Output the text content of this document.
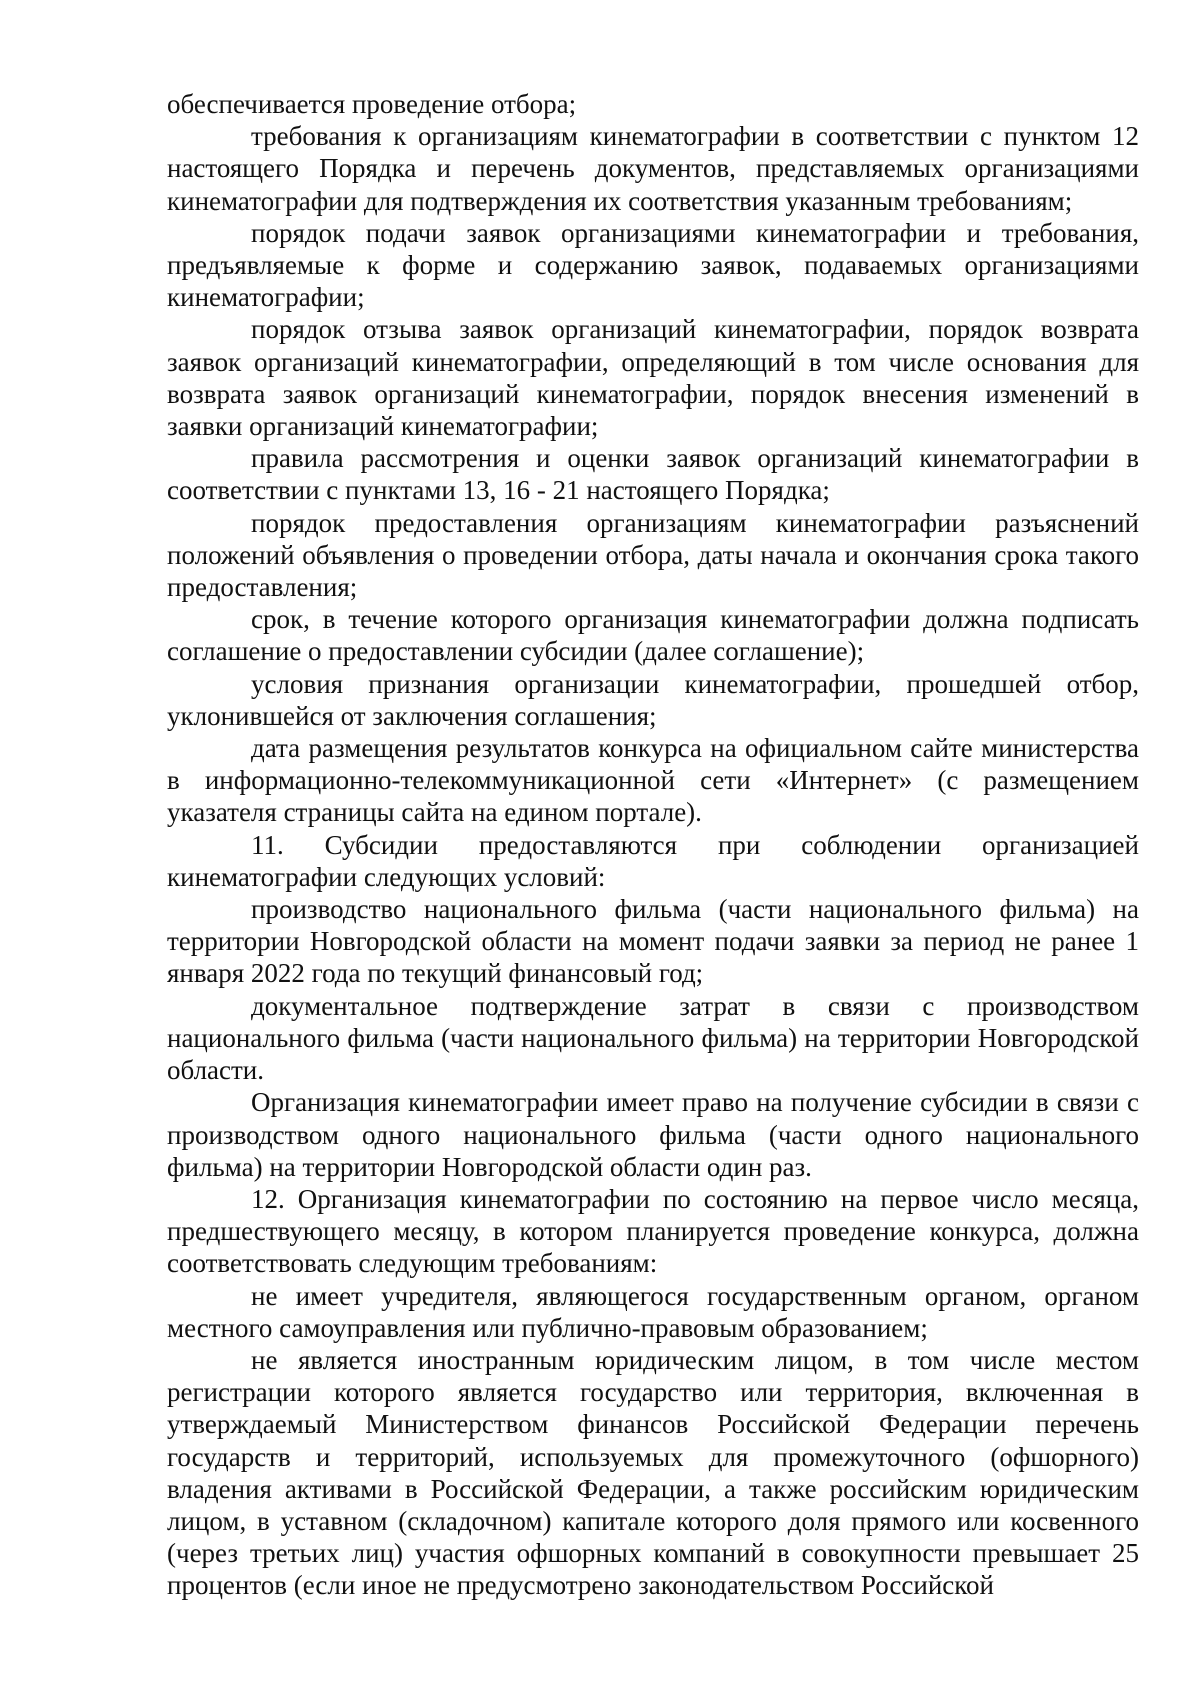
обеспечивается проведение отбора;

требования к организациям кинематографии в соответствии с пунктом 12 настоящего Порядка и перечень документов, представляемых организациями кинематографии для подтверждения их соответствия указанным требованиям;

порядок подачи заявок организациями кинематографии и требования, предъявляемые к форме и содержанию заявок, подаваемых организациями кинематографии;

порядок отзыва заявок организаций кинематографии, порядок возврата заявок организаций кинематографии, определяющий в том числе основания для возврата заявок организаций кинематографии, порядок внесения изменений в заявки организаций кинематографии;

правила рассмотрения и оценки заявок организаций кинематографии в соответствии с пунктами 13, 16 - 21 настоящего Порядка;

порядок предоставления организациям кинематографии разъяснений положений объявления о проведении отбора, даты начала и окончания срока такого предоставления;

срок, в течение которого организация кинематографии должна подписать соглашение о предоставлении субсидии (далее соглашение);

условия признания организации кинематографии, прошедшей отбор, уклонившейся от заключения соглашения;

дата размещения результатов конкурса на официальном сайте министерства в информационно-телекоммуникационной сети «Интернет» (с размещением указателя страницы сайта на едином портале).

11. Субсидии предоставляются при соблюдении организацией кинематографии следующих условий:

производство национального фильма (части национального фильма) на территории Новгородской области на момент подачи заявки за период не ранее 1 января 2022 года по текущий финансовый год;

документальное подтверждение затрат в связи с производством национального фильма (части национального фильма) на территории Новгородской области.

Организация кинематографии имеет право на получение субсидии в связи с производством одного национального фильма (части одного национального фильма) на территории Новгородской области один раз.

12. Организация кинематографии по состоянию на первое число месяца, предшествующего месяцу, в котором планируется проведение конкурса, должна соответствовать следующим требованиям:

не имеет учредителя, являющегося государственным органом, органом местного самоуправления или публично-правовым образованием;

не является иностранным юридическим лицом, в том числе местом регистрации которого является государство или территория, включенная в утверждаемый Министерством финансов Российской Федерации перечень государств и территорий, используемых для промежуточного (офшорного) владения активами в Российской Федерации, а также российским юридическим лицом, в уставном (складочном) капитале которого доля прямого или косвенного (через третьих лиц) участия офшорных компаний в совокупности превышает 25 процентов (если иное не предусмотрено законодательством Российской
